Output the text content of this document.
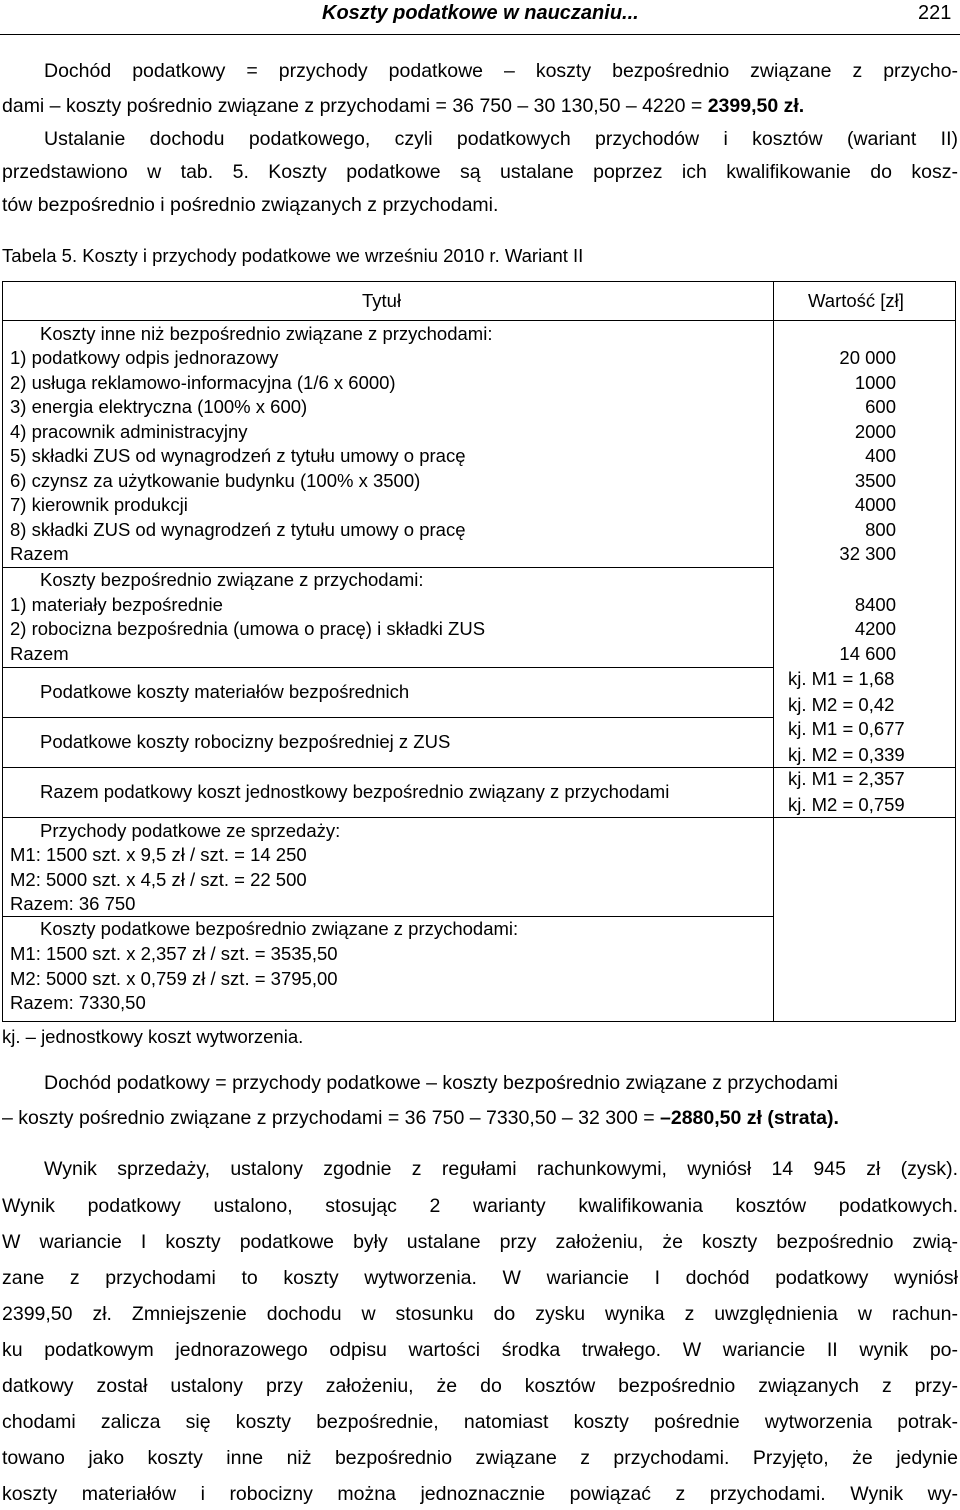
Koszty podatkowe w nauczaniu...	221
Dochód podatkowy = przychody podatkowe – koszty bezpośrednio związane z przycho-
dami – koszty pośrednio związane z przychodami = 36 750 – 30 130,50 – 4220 = 2399,50 zł.
Ustalanie dochodu podatkowego, czyli podatkowych przychodów i kosztów (wariant II)
przedstawiono w tab. 5. Koszty podatkowe są ustalane poprzez ich kwalifikowanie do kosz-
tów bezpośrednio i pośrednio związanych z przychodami.
Tabela 5. Koszty i przychody podatkowe we wrześniu 2010 r. Wariant II
Tytuł	Wartość [zł]
Koszty inne niż bezpośrednio związane z przychodami:
1) podatkowy odpis jednorazowy	20 000
2) usługa reklamowo-informacyjna (1/6 x 6000)	1000
3) energia elektryczna (100% x 600)	600
4) pracownik administracyjny	2000
5) składki ZUS od wynagrodzeń z tytułu umowy o pracę	400
6) czynsz za użytkowanie budynku (100% x 3500)	3500
7) kierownik produkcji	4000
8) składki ZUS od wynagrodzeń z tytułu umowy o pracę	800
Razem	32 300
Koszty bezpośrednio związane z przychodami:
1) materiały bezpośrednie	8400
2) robocizna bezpośrednia (umowa o pracę) i składki ZUS	4200
Razem	14 600
Podatkowe koszty materiałów bezpośrednich
kj. M1 = 1,68
kj. M2 = 0,42
Podatkowe koszty robocizny bezpośredniej z ZUS
kj. M1 = 0,677
kj. M2 = 0,339
Razem podatkowy koszt jednostkowy bezpośrednio związany z przychodami
kj. M1 = 2,357
kj. M2 = 0,759
Przychody podatkowe ze sprzedaży:
M1: 1500 szt. x 9,5 zł / szt. = 14 250
M2: 5000 szt. x 4,5 zł / szt. = 22 500
Razem: 36 750
Koszty podatkowe bezpośrednio związane z przychodami:
M1: 1500 szt. x 2,357 zł / szt. = 3535,50
M2: 5000 szt. x 0,759 zł / szt. = 3795,00
Razem: 7330,50
kj. – jednostkowy koszt wytworzenia.
Dochód podatkowy = przychody podatkowe – koszty bezpośrednio związane z przychodami
– koszty pośrednio związane z przychodami = 36 750 – 7330,50 – 32 300 = –2880,50 zł (strata).
Wynik sprzedaży, ustalony zgodnie z regułami rachunkowymi, wyniósł 14 945 zł (zysk).
Wynik podatkowy ustalono, stosując 2 warianty kwalifikowania kosztów podatkowych.
W wariancie I koszty podatkowe były ustalane przy założeniu, że koszty bezpośrednio zwią-
zane z przychodami to koszty wytworzenia. W wariancie I dochód podatkowy wyniósł
2399,50 zł. Zmniejszenie dochodu w stosunku do zysku wynika z uwzględnienia w rachun-
ku podatkowym jednorazowego odpisu wartości środka trwałego. W wariancie II wynik po-
datkowy został ustalony przy założeniu, że do kosztów bezpośrednio związanych z przy-
chodami zalicza się koszty bezpośrednie, natomiast koszty pośrednie wytworzenia potrak-
towano jako koszty inne niż bezpośrednio związane z przychodami. Przyjęto, że jedynie
koszty materiałów i robocizny można jednoznacznie powiązać z przychodami. Wynik wy-
